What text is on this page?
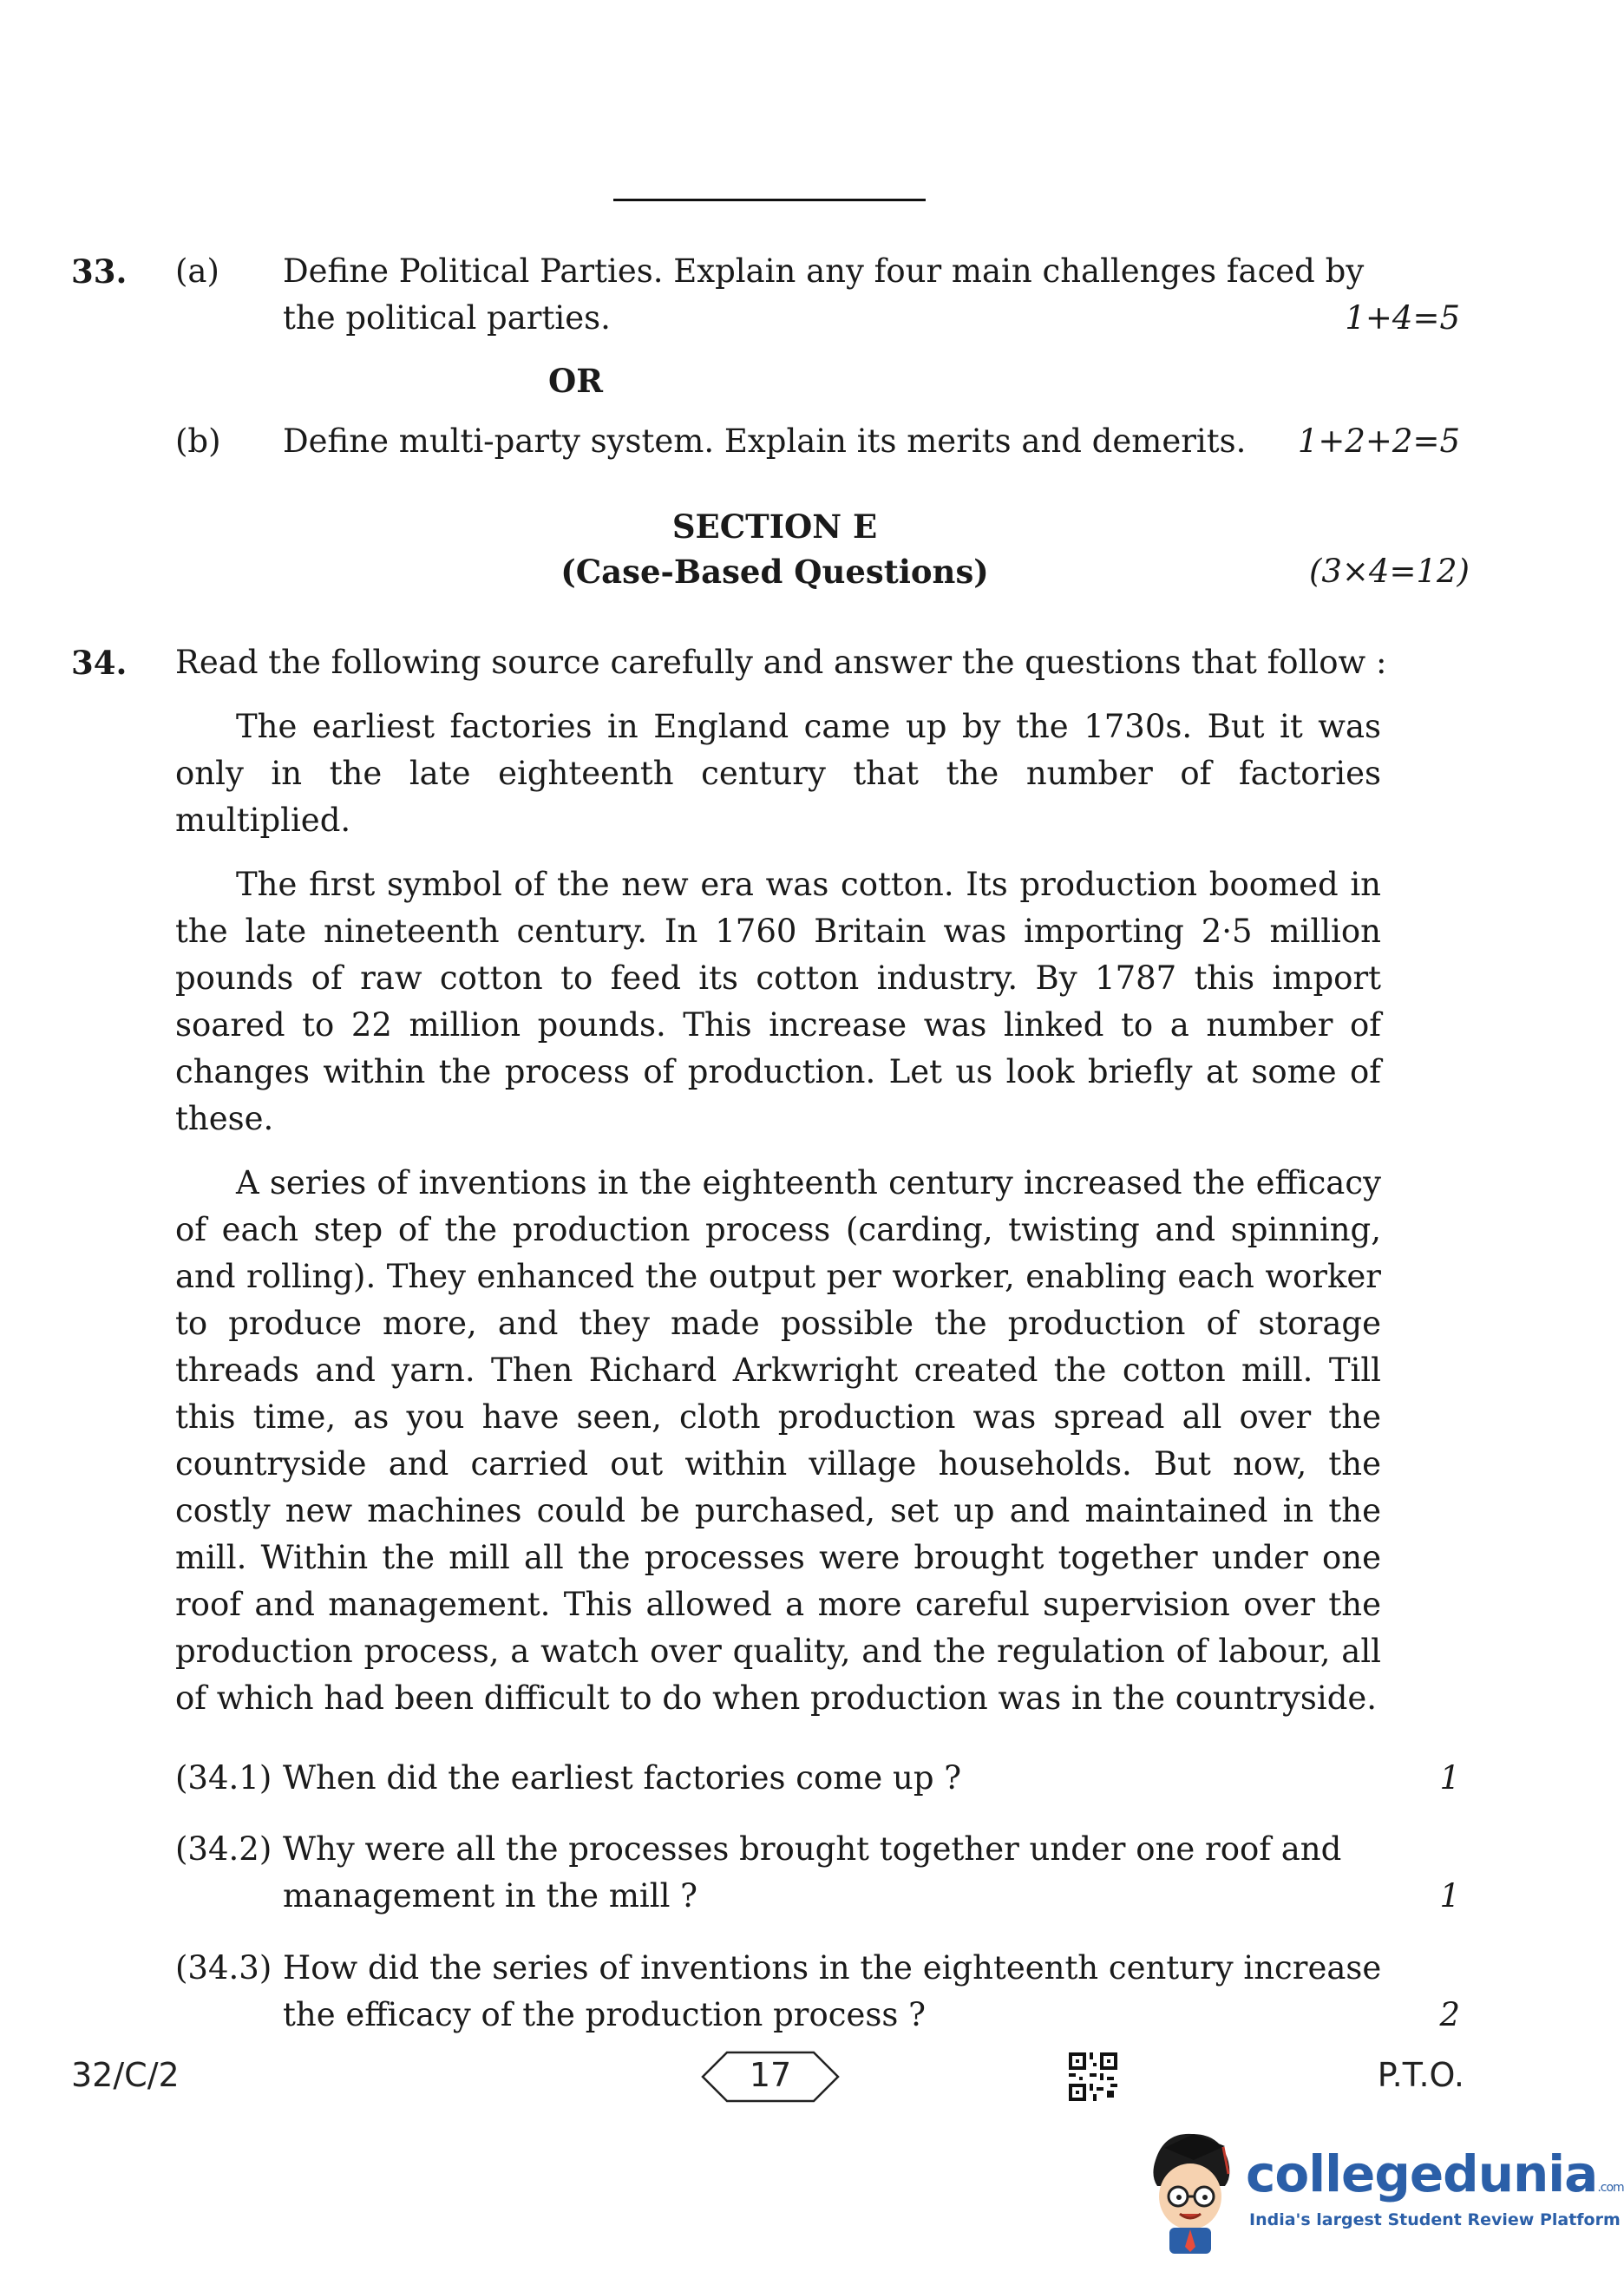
33. (a) Define Political Parties. Explain any four main challenges faced by
the political parties.	1+4=5
OR
(b) Define multi-party system. Explain its merits and demerits. 1+2+2=5
SECTION E
(Case-Based Questions)	(3×4=12)
34. Read the following source carefully and answer the questions that follow :

The earliest factories in England came up by the 1730s. But it was only in the late eighteenth century that the number of factories multiplied.

The first symbol of the new era was cotton. Its production boomed in the late nineteenth century. In 1760 Britain was importing 2·5 million pounds of raw cotton to feed its cotton industry. By 1787 this import soared to 22 million pounds. This increase was linked to a number of changes within the process of production. Let us look briefly at some of these.

A series of inventions in the eighteenth century increased the efficacy of each step of the production process (carding, twisting and spinning, and rolling). They enhanced the output per worker, enabling each worker to produce more, and they made possible the production of storage threads and yarn. Then Richard Arkwright created the cotton mill. Till this time, as you have seen, cloth production was spread all over the countryside and carried out within village households. But now, the costly new machines could be purchased, set up and maintained in the mill. Within the mill all the processes were brought together under one roof and management. This allowed a more careful supervision over the production process, a watch over quality, and the regulation of labour, all of which had been difficult to do when production was in the countryside.

(34.1) When did the earliest factories come up ?	1
(34.2) Why were all the processes brought together under one roof and
management in the mill ?	1
(34.3) How did the series of inventions in the eighteenth century increase
the efficacy of the production process ?	2
32/C/2	17	P.T.O.
collegedunia.com
India's largest Student Review Platform
